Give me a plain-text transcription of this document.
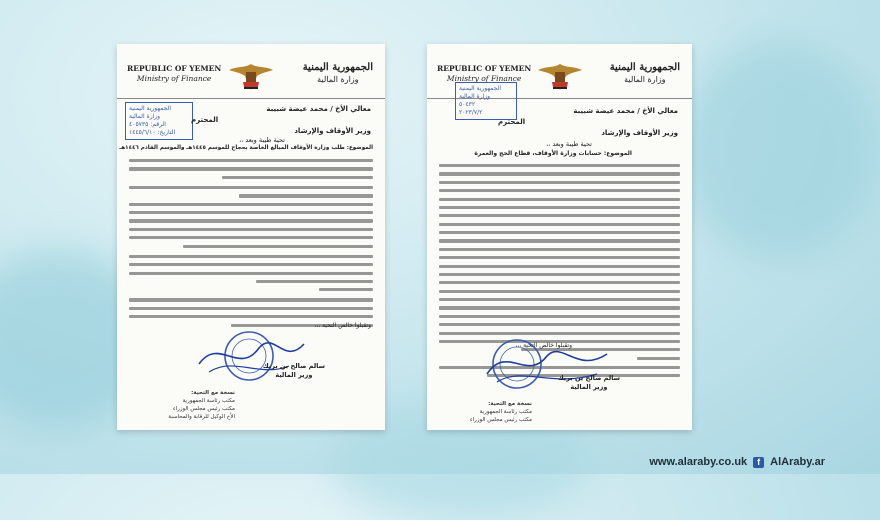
REPUBLIC OF YEMEN
Ministry of Finance
الجمهورية اليمنية
وزارة المالية
الجمهورية اليمنية
وزارة المالية
الرقم: ٤٠٥٧٣٥
التاريخ: ١٤٤٥/٦/١٠
معالي الأخ / محمد عيضة شبيبة
المحترم
وزير الأوقاف والإرشاد
تحية طيبة وبعد ،،
الموضوع: طلب وزارة الأوقاف المبالغ الخاصة بحجاج للموسم ١٤٤٥هـ والموسم القادم ١٤٤٦هـ
وتقبلوا خالص التحية ،،،
سالم صالح بن بريك
وزير المالية
نسخة مع التحية:
مكتب رئاسة الجمهورية
مكتب رئيس مجلس الوزراء
الأخ الوكيل للرقابة والمحاسبة
REPUBLIC OF YEMEN
Ministry of Finance
الجمهورية اليمنية
وزارة المالية
الجمهورية اليمنية
وزارة المالية
٥٠٤٣٢
٢٠٢٣/٧/٢	معالي الأخ / محمد عيضة شبيبة
المحترم
وزير الأوقاف والإرشاد
تحية طيبة وبعد ،،
الموضوع: حسابات وزارة الأوقاف، قطاع الحج والعمرة
وتقبلوا خالص التحية ،،،
سالم صالح بن بريك
وزير المالية
نسخة مع التحية:
مكتب رئاسة الجمهورية
مكتب رئيس مجلس الوزراء
www.alaraby.co.uk	f AlAraby.ar
